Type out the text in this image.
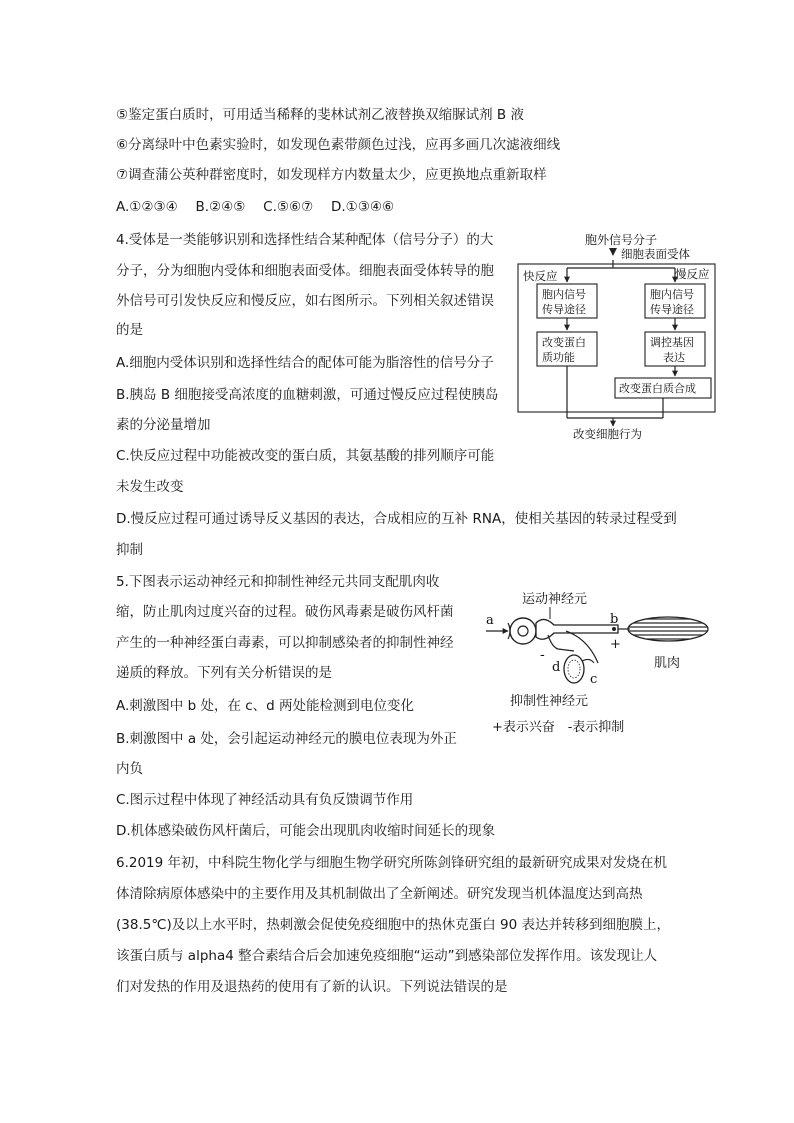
⑤鉴定蛋白质时，可用适当稀释的斐林试剂乙液替换双缩脲试剂 B 液
⑥分离绿叶中色素实验时，如发现色素带颜色过浅，应再多画几次滤液细线
⑦调查蒲公英种群密度时，如发现样方内数量太少，应更换地点重新取样
A.①②③④　 B.②④⑤　 C.⑤⑥⑦　 D.①③④⑥
4.受体是一类能够识别和选择性结合某种配体（信号分子）的大
分子，分为细胞内受体和细胞表面受体。细胞表面受体转导的胞
外信号可引发快反应和慢反应，如右图所示。下列相关叙述错误
的是
A.细胞内受体识别和选择性结合的配体可能为脂溶性的信号分子
B.胰岛 B 细胞接受高浓度的血糖刺激，可通过慢反应过程使胰岛
素的分泌量增加
C.快反应过程中功能被改变的蛋白质，其氨基酸的排列顺序可能
未发生改变
D.慢反应过程可通过诱导反义基因的表达，合成相应的互补 RNA，使相关基因的转录过程受到
抑制
胞外信号分子
细胞表面受体
快反应	慢反应
胞内信号
传导途径
改变蛋白
质功能
胞内信号
传导途径
调控基因
表达
改变蛋白质合成
改变细胞行为
5.下图表示运动神经元和抑制性神经元共同支配肌肉收
缩，防止肌肉过度兴奋的过程。破伤风毒素是破伤风杆菌
产生的一种神经蛋白毒素，可以抑制感染者的抑制性神经
递质的释放。下列有关分析错误的是
A.刺激图中 b 处，在 c、d 两处能检测到电位变化
B.刺激图中 a 处，会引起运动神经元的膜电位表现为外正
内负
C.图示过程中体现了神经活动具有负反馈调节作用
D.机体感染破伤风杆菌后，可能会出现肌肉收缩时间延长的现象
运动神经元
a	b
+
肌肉
-
d
c
抑制性神经元
+表示兴奋　-表示抑制
6.2019 年初，中科院生物化学与细胞生物学研究所陈剑锋研究组的最新研究成果对发烧在机
体清除病原体感染中的主要作用及其机制做出了全新阐述。研究发现当机体温度达到高热
(38.5℃)及以上水平时，热刺激会促使免疫细胞中的热休克蛋白 90 表达并转移到细胞膜上，
该蛋白质与 alpha4 整合素结合后会加速免疫细胞“运动”到感染部位发挥作用。该发现让人
们对发热的作用及退热药的使用有了新的认识。下列说法错误的是
